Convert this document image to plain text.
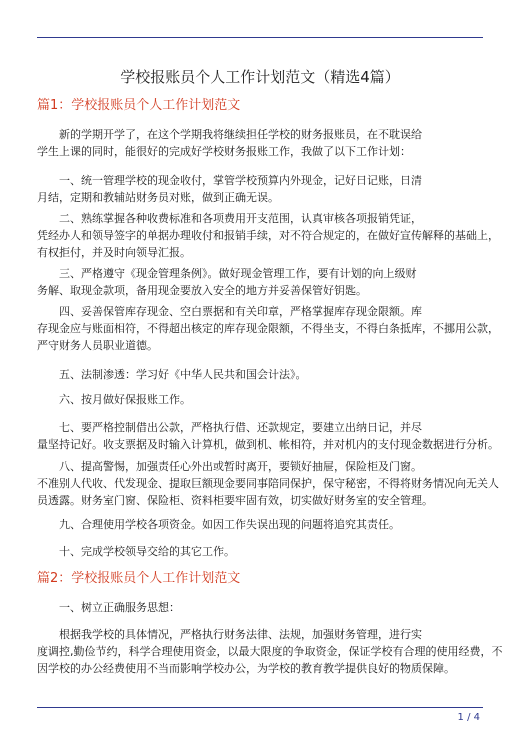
学校报账员个人工作计划范文（精选4篇）
篇1：学校报账员个人工作计划范文
　　新的学期开学了，在这个学期我将继续担任学校的财务报账员，在不耽误给
学生上课的同时，能很好的完成好学校财务报账工作，我做了以下工作计划：
　　一、统一管理学校的现金收付，掌管学校预算内外现金，记好日记账，日清
月结，定期和教辅站财务员对账，做到正确无误。
　　二、熟练掌握各种收费标准和各项费用开支范围，认真审核各项报销凭证，
凭经办人和领导签字的单据办理收付和报销手续，对不符合规定的，在做好宣传解释的基础上，
有权拒付，并及时向领导汇报。
　　三、严格遵守《现金管理条例》。做好现金管理工作，要有计划的向上级财
务解、取现金款项，备用现金要放入安全的地方并妥善保管好钥匙。
　　四、妥善保管库存现金、空白票据和有关印章，严格掌握库存现金限额。库
存现金应与账面相符，不得超出核定的库存现金限额，不得坐支，不得白条抵库，不挪用公款，
严守财务人员职业道德。
　　五、法制渗透：学习好《中华人民共和国会计法》。
　　六、按月做好保报账工作。
　　七、要严格控制借出公款，严格执行借、还款规定，要建立出纳日记，并尽
量坚持记好。收支票据及时输入计算机，做到机、帐相符，并对机内的支付现金数据进行分析。
　　八、提高警惕，加强责任心外出或暂时离开，要锁好抽屉，保险柜及门窗。
不准别人代收、代发现金、提取巨额现金要同事陪同保护，保守秘密，不得将财务情况向无关人
员透露。财务室门窗、保险柜、资料柜要牢固有效，切实做好财务室的安全管理。
　　九、合理使用学校各项资金。如因工作失误出现的问题将追究其责任。
　　十、完成学校领导交给的其它工作。
篇2：学校报账员个人工作计划范文
　　一、树立正确服务思想：
　　根据我学校的具体情况，严格执行财务法律、法规，加强财务管理，进行实
度调控,勤俭节约，科学合理使用资金，以最大限度的争取资金，保证学校有合理的使用经费，不
因学校的办公经费使用不当而影响学校办公，为学校的教育教学提供良好的物质保障。
1 / 4
